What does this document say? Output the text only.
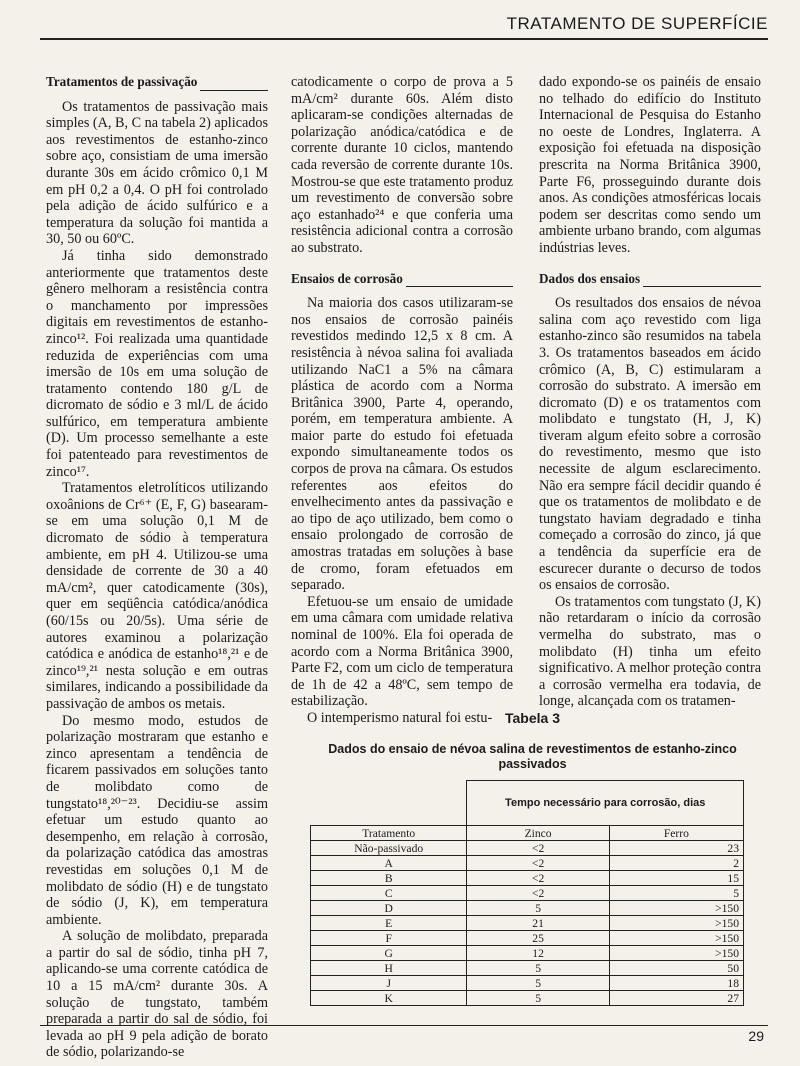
TRATAMENTO DE SUPERFÍCIE
Tratamentos de passivação

Os tratamentos de passivação mais simples (A, B, C na tabela 2) aplicados aos revestimentos de estanho-zinco sobre aço, consistiam de uma imersão durante 30s em ácido crômico 0,1 M em pH 0,2 a 0,4. O pH foi controlado pela adição de ácido sulfúrico e a temperatura da solução foi mantida a 30, 50 ou 60ºC.

Já tinha sido demonstrado anteriormente que tratamentos deste gênero melhoram a resistência contra o manchamento por impressões digitais em revestimentos de estanho-zinco¹². Foi realizada uma quantidade reduzida de experiências com uma imersão de 10s em uma solução de tratamento contendo 180 g/L de dicromato de sódio e 3 ml/L de ácido sulfúrico, em temperatura ambiente (D). Um processo semelhante a este foi patenteado para revestimentos de zinco¹⁷.

Tratamentos eletrolíticos utilizando oxoânions de Cr⁶⁺ (E, F, G) basearam-se em uma solução 0,1 M de dicromato de sódio à temperatura ambiente, em pH 4. Utilizou-se uma densidade de corrente de 30 a 40 mA/cm², quer catodicamente (30s), quer em seqüência catódica/anódica (60/15s ou 20/5s). Uma série de autores examinou a polarização catódica e anódica de estanho¹⁸,²¹ e de zinco¹⁹,²¹ nesta solução e em outras similares, indicando a possibilidade da passivação de ambos os metais.

Do mesmo modo, estudos de polarização mostraram que estanho e zinco apresentam a tendência de ficarem passivados em soluções tanto de molibdato como de tungstato¹⁸,²⁰⁻²³. Decidiu-se assim efetuar um estudo quanto ao desempenho, em relação à corrosão, da polarização catódica das amostras revestidas em soluções 0,1 M de molibdato de sódio (H) e de tungstato de sódio (J, K), em temperatura ambiente.

A solução de molibdato, preparada a partir do sal de sódio, tinha pH 7, aplicando-se uma corrente catódica de 10 a 15 mA/cm² durante 30s. A solução de tungstato, também preparada a partir do sal de sódio, foi levada ao pH 9 pela adição de borato de sódio, polarizando-se

catodicamente o corpo de prova a 5 mA/cm² durante 60s. Além disto aplicaram-se condições alternadas de polarização anódica/catódica e de corrente durante 10 ciclos, mantendo cada reversão de corrente durante 10s. Mostrou-se que este tratamento produz um revestimento de conversão sobre aço estanhado²⁴ e que conferia uma resistência adicional contra a corrosão ao substrato.

Ensaios de corrosão

Na maioria dos casos utilizaram-se nos ensaios de corrosão painéis revestidos medindo 12,5 x 8 cm. A resistência à névoa salina foi avaliada utilizando NaC1 a 5% na câmara plástica de acordo com a Norma Britânica 3900, Parte 4, operando, porém, em temperatura ambiente. A maior parte do estudo foi efetuada expondo simultaneamente todos os corpos de prova na câmara. Os estudos referentes aos efeitos do envelhecimento antes da passivação e ao tipo de aço utilizado, bem como o ensaio prolongado de corrosão de amostras tratadas em soluções à base de cromo, foram efetuados em separado.

Efetuou-se um ensaio de umidade em uma câmara com umidade relativa nominal de 100%. Ela foi operada de acordo com a Norma Britânica 3900, Parte F2, com um ciclo de temperatura de 1h de 42 a 48ºC, sem tempo de estabilização.

O intemperismo natural foi estu-

dado expondo-se os painéis de ensaio no telhado do edifício do Instituto Internacional de Pesquisa do Estanho no oeste de Londres, Inglaterra. A exposição foi efetuada na disposição prescrita na Norma Britânica 3900, Parte F6, prosseguindo durante dois anos. As condições atmosféricas locais podem ser descritas como sendo um ambiente urbano brando, com algumas indústrias leves.

Dados dos ensaios

Os resultados dos ensaios de névoa salina com aço revestido com liga estanho-zinco são resumidos na tabela 3. Os tratamentos baseados em ácido crômico (A, B, C) estimularam a corrosão do substrato. A imersão em dicromato (D) e os tratamentos com molibdato e tungstato (H, J, K) tiveram algum efeito sobre a corrosão do revestimento, mesmo que isto necessite de algum esclarecimento. Não era sempre fácil decidir quando é que os tratamentos de molibdato e de tungstato haviam degradado e tinha começado a corrosão do zinco, já que a tendência da superfície era de escurecer durante o decurso de todos os ensaios de corrosão.

Os tratamentos com tungstato (J, K) não retardaram o início da corrosão vermelha do substrato, mas o molibdato (H) tinha um efeito significativo. A melhor proteção contra a corrosão vermelha era todavia, de longe, alcançada com os tratamen-

Tabela 3
Dados do ensaio de névoa salina de revestimentos de estanho-zinco passivados
	Tempo necessário para corrosão, dias	
Tratamento	Zinco	Ferro
Não-passivado	<2	23
A	<2	2
B	<2	15
C	<2	5
D	5	>150
E	21	>150
F	25	>150
G	12	>150
H	5	50
J	5	18
K	5	27
29
